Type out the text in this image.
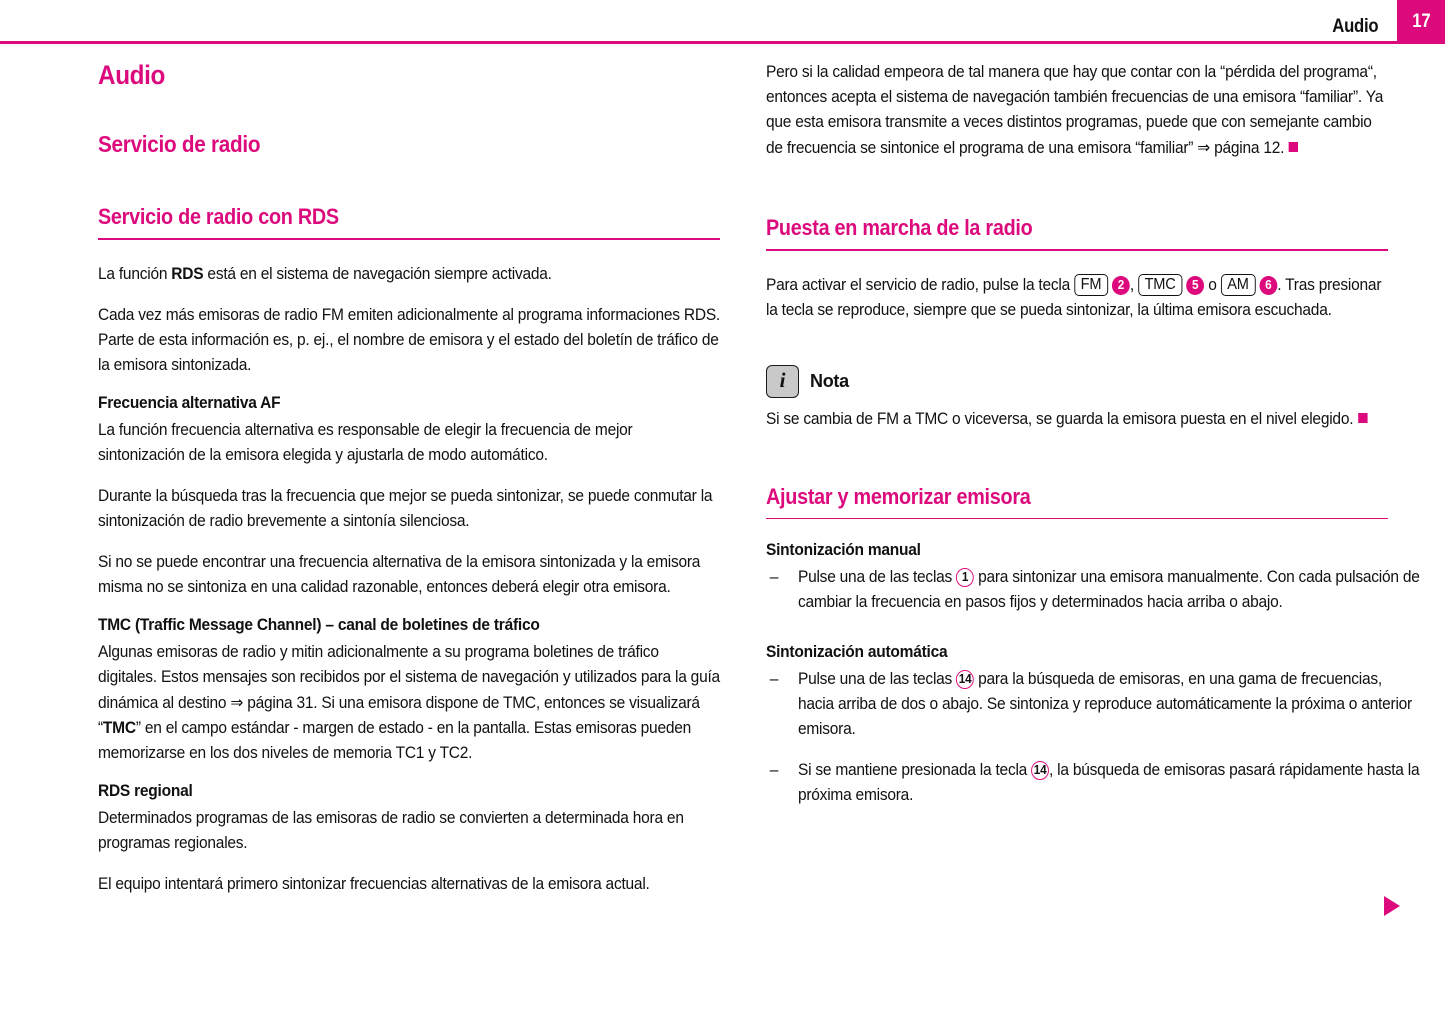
Audio 17
Audio
Servicio de radio
Servicio de radio con RDS

La función RDS está en el sistema de navegación siempre activada.

Cada vez más emisoras de radio FM emiten adicionalmente al programa informaciones RDS. Parte de esta información es, p. ej., el nombre de emisora y el estado del boletín de tráfico de la emisora sintonizada.

Frecuencia alternativa AF

La función frecuencia alternativa es responsable de elegir la frecuencia de mejor sintonización de la emisora elegida y ajustarla de modo automático.

Durante la búsqueda tras la frecuencia que mejor se pueda sintonizar, se puede conmutar la sintonización de radio brevemente a sintonía silenciosa.

Si no se puede encontrar una frecuencia alternativa de la emisora sintonizada y la emisora misma no se sintoniza en una calidad razonable, entonces deberá elegir otra emisora.

TMC (Traffic Message Channel) – canal de boletines de tráfico

Algunas emisoras de radio y mitin adicionalmente a su programa boletines de tráfico digitales. Estos mensajes son recibidos por el sistema de navegación y utilizados para la guía dinámica al destino ⇒ página 31. Si una emisora dispone de TMC, entonces se visualizará “TMC” en el campo estándar - margen de estado - en la pantalla. Estas emisoras pueden memorizarse en los dos niveles de memoria TC1 y TC2.

RDS regional

Determinados programas de las emisoras de radio se convierten a determinada hora en programas regionales.

El equipo intentará primero sintonizar frecuencias alternativas de la emisora actual.

Pero si la calidad empeora de tal manera que hay que contar con la “pérdida del programa“, entonces acepta el sistema de navegación también frecuencias de una emisora “familiar”. Ya que esta emisora transmite a veces distintos programas, puede que con semejante cambio de frecuencia se sintonice el programa de una emisora “familiar” ⇒ página 12.

Puesta en marcha de la radio

Para activar el servicio de radio, pulse la tecla FM 2 , TMC 5 o AM 6 . Tras presionar la tecla se reproduce, siempre que se pueda sintonizar, la última emisora escuchada.

i Nota

Si se cambia de FM a TMC o viceversa, se guarda la emisora puesta en el nivel elegido.

Ajustar y memorizar emisora
Sintonización manual
– Pulse una de las teclas 1 para sintonizar una emisora manualmente. Con cada pulsación de cambiar la frecuencia en pasos fijos y determinados hacia arriba o abajo.
Sintonización automática
– Pulse una de las teclas 14 para la búsqueda de emisoras, en una gama de frecuencias, hacia arriba de dos o abajo. Se sintoniza y reproduce automáticamente la próxima o anterior emisora.
– Si se mantiene presionada la tecla 14 , la búsqueda de emisoras pasará rápidamente hasta la próxima emisora.
